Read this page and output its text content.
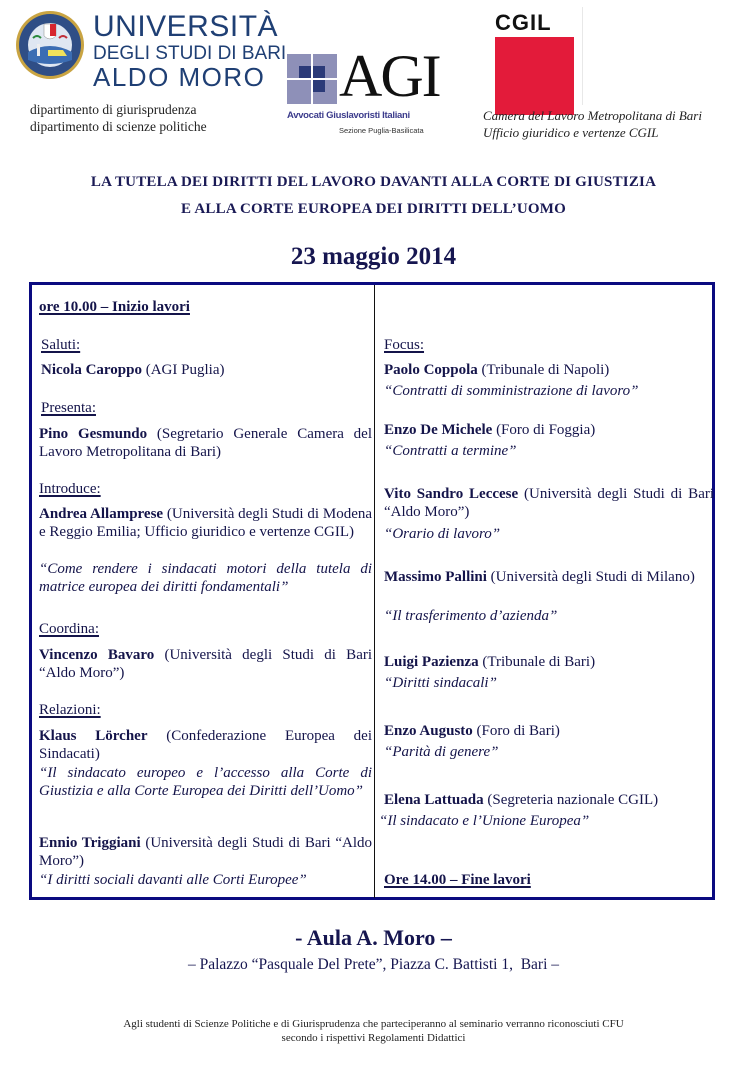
UNIVERSITÀ
DEGLI STUDI DI BARI
ALDO MORO
dipartimento di giurisprudenza
dipartimento di scienze politiche
AGI
Avvocati Giuslavoristi Italiani
Sezione Puglia-Basilicata
CGIL
Camera del Lavoro Metropolitana di Bari
Ufficio giuridico e vertenze CGIL
LA TUTELA DEI DIRITTI DEL LAVORO DAVANTI ALLA CORTE DI GIUSTIZIA
E ALLA CORTE EUROPEA DEI DIRITTI DELL’UOMO
23 maggio 2014
ore 10.00 – Inizio lavori
Saluti:
Nicola Caroppo (AGI Puglia)
Presenta:
Pino Gesmundo (Segretario Generale Camera del Lavoro Metropolitana di Bari)
Introduce:
Andrea Allamprese (Università degli Studi di Modena e Reggio Emilia; Ufficio giuridico e vertenze CGIL)
“Come rendere i sindacati motori della tutela di matrice europea dei diritti fondamentali”
Coordina:
Vincenzo Bavaro (Università degli Studi di Bari “Aldo Moro”)
Relazioni:
Klaus Lörcher (Confederazione Europea dei Sindacati)
“Il sindacato europeo e l’accesso alla Corte di Giustizia e alla Corte Europea dei Diritti dell’Uomo”
Ennio Triggiani (Università degli Studi di Bari “Aldo Moro”)
“I diritti sociali davanti alle Corti Europee”
Focus:
Paolo Coppola (Tribunale di Napoli)
“Contratti di somministrazione di lavoro”
Enzo De Michele (Foro di Foggia)
“Contratti a termine”
Vito Sandro Leccese (Università degli Studi di Bari “Aldo Moro”)
“Orario di lavoro”
Massimo Pallini (Università degli Studi di Milano)
“Il trasferimento d’azienda”
Luigi Pazienza (Tribunale di Bari)
“Diritti sindacali”
Enzo Augusto (Foro di Bari)
“Parità di genere”
Elena Lattuada (Segreteria nazionale CGIL)
“Il sindacato e l’Unione Europea”
Ore 14.00 – Fine lavori
- Aula A. Moro –
– Palazzo “Pasquale Del Prete”, Piazza C. Battisti 1,  Bari –
Agli studenti di Scienze Politiche e di Giurisprudenza che parteciperanno al seminario verranno riconosciuti CFU
secondo i rispettivi Regolamenti Didattici
